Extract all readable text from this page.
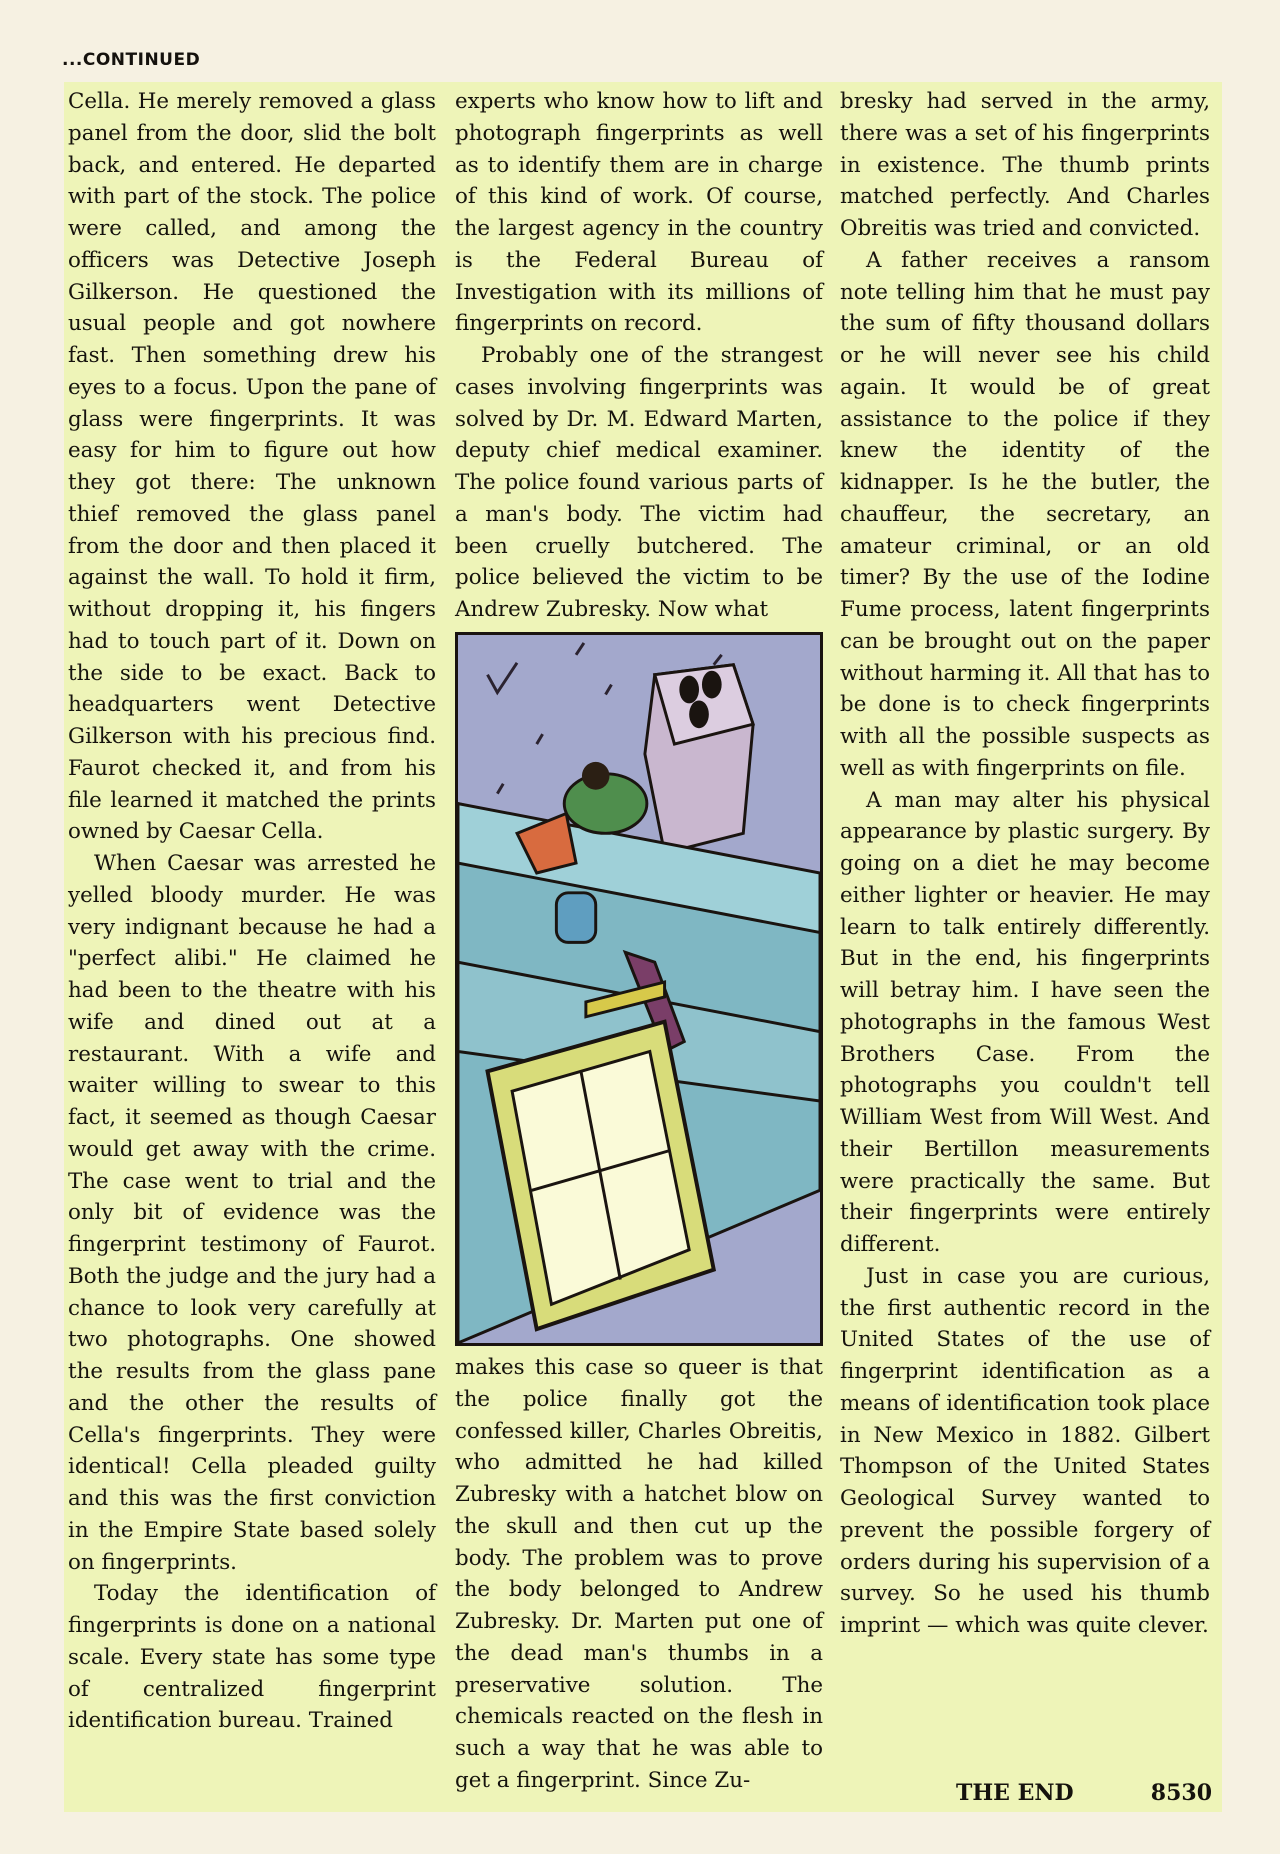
...CONTINUED

Cella. He merely removed a glass panel from the door, slid the bolt back, and entered. He departed with part of the stock. The police were called, and among the officers was Detective Joseph Gilkerson. He questioned the usual people and got nowhere fast. Then something drew his eyes to a focus. Upon the pane of glass were fingerprints. It was easy for him to figure out how they got there: The unknown thief removed the glass panel from the door and then placed it against the wall. To hold it firm, without dropping it, his fingers had to touch part of it. Down on the side to be exact. Back to headquarters went Detective Gilkerson with his precious find. Faurot checked it, and from his file learned it matched the prints owned by Caesar Cella.

When Caesar was arrested he yelled bloody murder. He was very indignant because he had a "perfect alibi." He claimed he had been to the theatre with his wife and dined out at a restaurant. With a wife and waiter willing to swear to this fact, it seemed as though Caesar would get away with the crime. The case went to trial and the only bit of evidence was the fingerprint testimony of Faurot. Both the judge and the jury had a chance to look very carefully at two photographs. One showed the results from the glass pane and the other the results of Cella's fingerprints. They were identical! Cella pleaded guilty and this was the first conviction in the Empire State based solely on fingerprints.

Today the identification of fingerprints is done on a national scale. Every state has some type of centralized fingerprint identification bureau. Trained

experts who know how to lift and photograph fingerprints as well as to identify them are in charge of this kind of work. Of course, the largest agency in the country is the Federal Bureau of Investigation with its millions of fingerprints on record.

Probably one of the strangest cases involving fingerprints was solved by Dr. M. Edward Marten, deputy chief medical examiner. The police found various parts of a man's body. The victim had been cruelly butchered. The police believed the victim to be Andrew Zubresky. Now what

makes this case so queer is that the police finally got the confessed killer, Charles Obreitis, who admitted he had killed Zubresky with a hatchet blow on the skull and then cut up the body. The problem was to prove the body belonged to Andrew Zubresky. Dr. Marten put one of the dead man's thumbs in a preservative solution. The chemicals reacted on the flesh in such a way that he was able to get a fingerprint. Since Zu-

bresky had served in the army, there was a set of his fingerprints in existence. The thumb prints matched perfectly. And Charles Obreitis was tried and convicted.

A father receives a ransom note telling him that he must pay the sum of fifty thousand dollars or he will never see his child again. It would be of great assistance to the police if they knew the identity of the kidnapper. Is he the butler, the chauffeur, the secretary, an amateur criminal, or an old timer? By the use of the Iodine Fume process, latent fingerprints can be brought out on the paper without harming it. All that has to be done is to check fingerprints with all the possible suspects as well as with fingerprints on file.

A man may alter his physical appearance by plastic surgery. By going on a diet he may become either lighter or heavier. He may learn to talk entirely differently. But in the end, his fingerprints will betray him. I have seen the photographs in the famous West Brothers Case. From the photographs you couldn't tell William West from Will West. And their Bertillon measurements were practically the same. But their fingerprints were entirely different.

Just in case you are curious, the first authentic record in the United States of the use of fingerprint identification as a means of identification took place in New Mexico in 1882. Gilbert Thompson of the United States Geological Survey wanted to prevent the possible forgery of orders during his supervision of a survey. So he used his thumb imprint — which was quite clever.

THE END	8530
